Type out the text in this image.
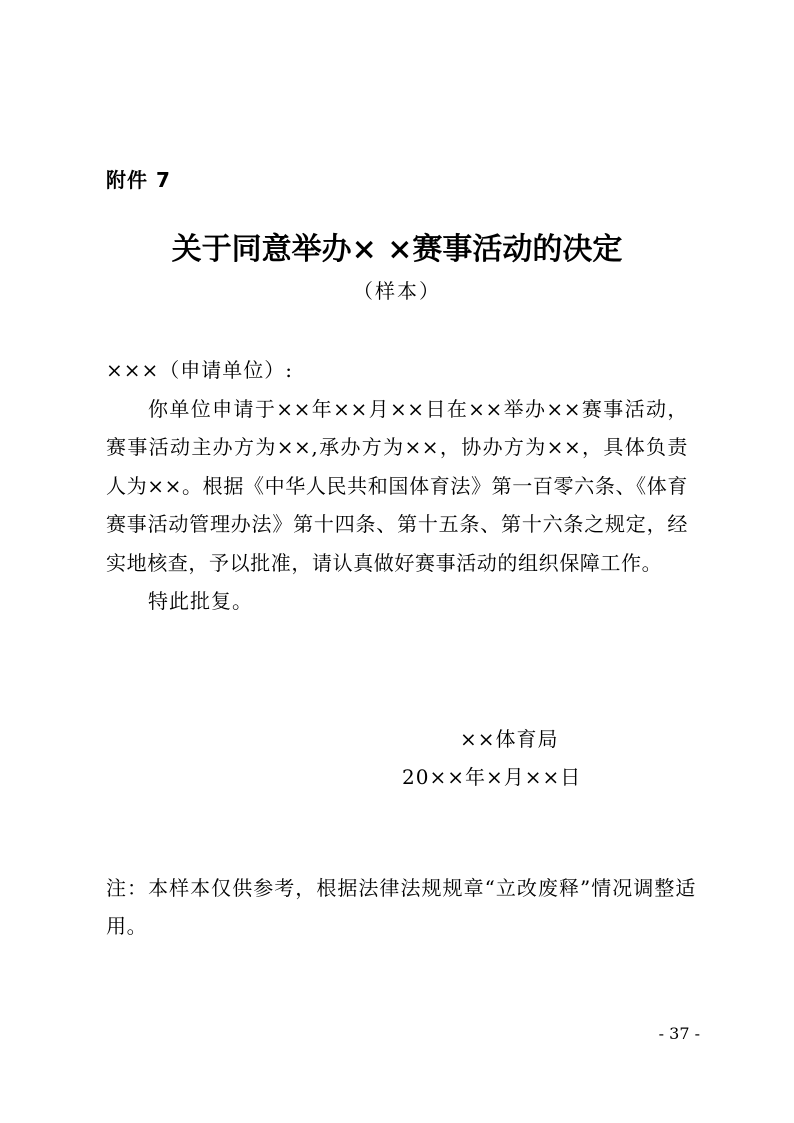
附件 7
关于同意举办× ×赛事活动的决定
（样本）

×××（申请单位）:

你单位申请于××年××月××日在××举办××赛事活动，赛事活动主办方为××,承办方为××，协办方为××，具体负责人为××。根据《中华人民共和国体育法》第一百零六条、《体育赛事活动管理办法》第十四条、第十五条、第十六条之规定，经实地核查，予以批准，请认真做好赛事活动的组织保障工作。

特此批复。

××体育局
20××年×月××日

注：本样本仅供参考，根据法律法规规章“立改废释”情况调整适用。

- 37 -
